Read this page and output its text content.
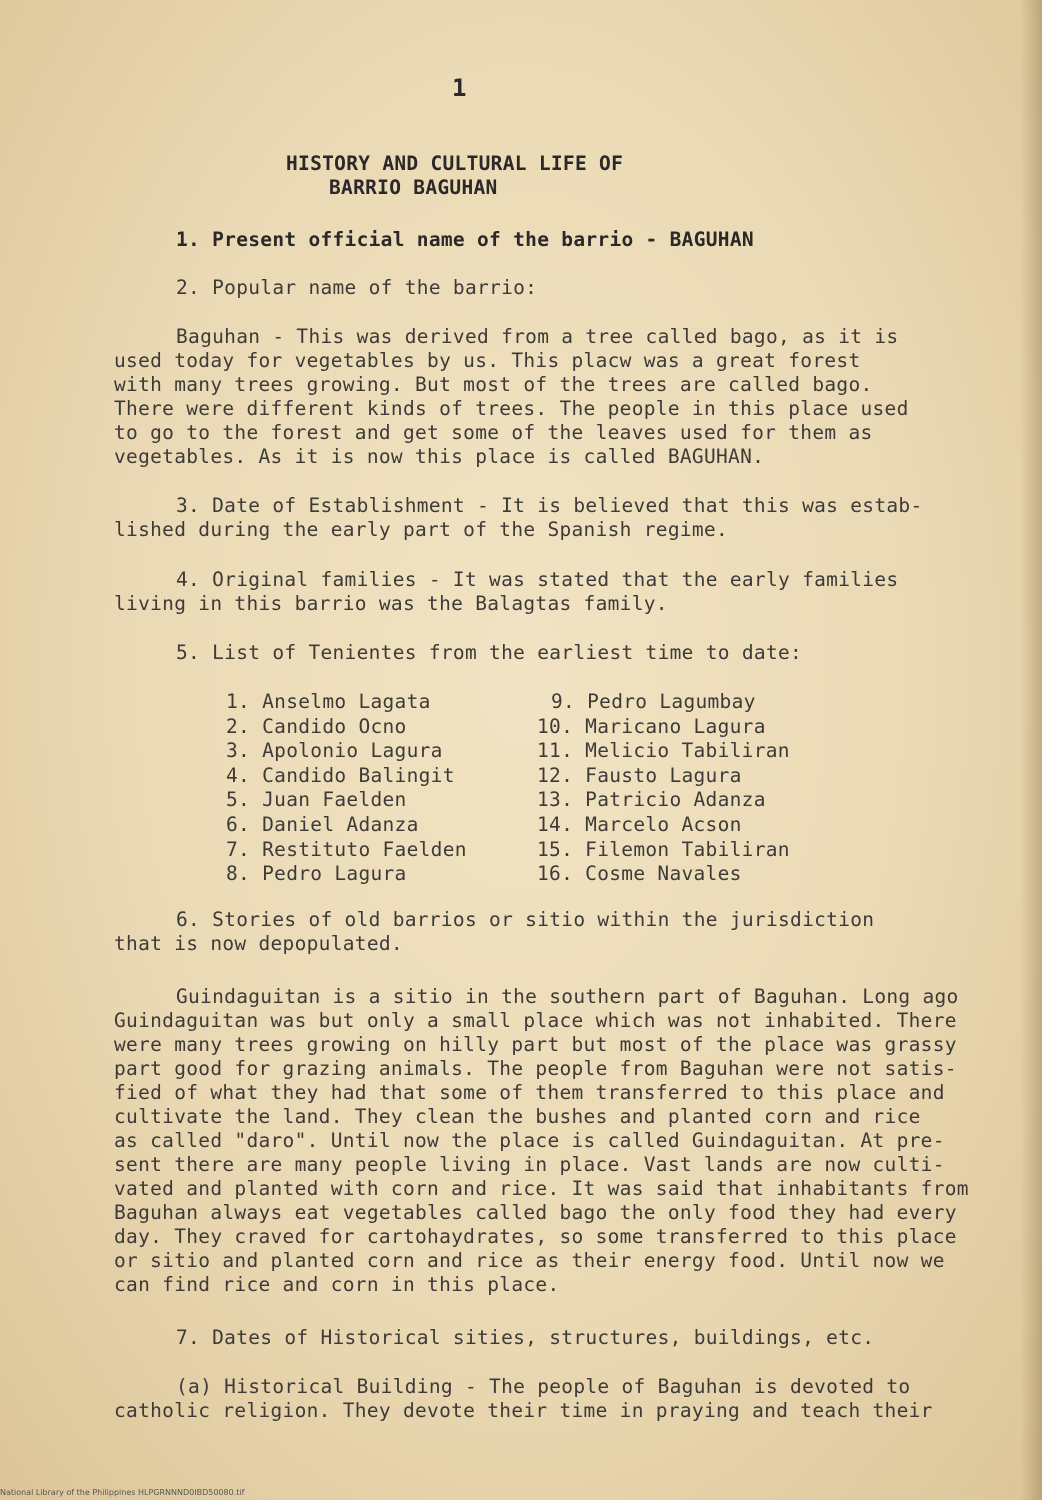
1
HISTORY AND CULTURAL LIFE OF
BARRIO BAGUHAN
1. Present official name of the barrio - BAGUHAN
2. Popular name of the barrio:
Baguhan - This was derived from a tree called bago, as it is
used today for vegetables by us. This placw was a great forest
with many trees growing. But most of the trees are called bago.
There were different kinds of trees. The people in this place used
to go to the forest and get some of the leaves used for them as
vegetables. As it is now this place is called BAGUHAN.
3. Date of Establishment - It is believed that this was estab-
lished during the early part of the Spanish regime.
4. Original families - It was stated that the early families
living in this barrio was the Balagtas family.
5. List of Tenientes from the earliest time to date:
1. Anselmo Lagata
2. Candido Ocno
3. Apolonio Lagura
4. Candido Balingit
5. Juan Faelden
6. Daniel Adanza
7. Restituto Faelden
8. Pedro Lagura
9. Pedro Lagumbay
10. Maricano Lagura
11. Melicio Tabiliran
12. Fausto Lagura
13. Patricio Adanza
14. Marcelo Acson
15. Filemon Tabiliran
16. Cosme Navales
6. Stories of old barrios or sitio within the jurisdiction
that is now depopulated.
Guindaguitan is a sitio in the southern part of Baguhan. Long ago
Guindaguitan was but only a small place which was not inhabited. There
were many trees growing on hilly part but most of the place was grassy
part good for grazing animals. The people from Baguhan were not satis-
fied of what they had that some of them transferred to this place and
cultivate the land. They clean the bushes and planted corn and rice
as called "daro". Until now the place is called Guindaguitan. At pre-
sent there are many people living in place. Vast lands are now culti-
vated and planted with corn and rice. It was said that inhabitants from
Baguhan always eat vegetables called bago the only food they had every
day. They craved for cartohaydrates, so some transferred to this place
or sitio and planted corn and rice as their energy food. Until now we
can find rice and corn in this place.
7. Dates of Historical sities, structures, buildings, etc.
(a) Historical Building - The people of Baguhan is devoted to
catholic religion. They devote their time in praying and teach their
National Library of the Philippines HLPGRNNND0IBD50080.tif
